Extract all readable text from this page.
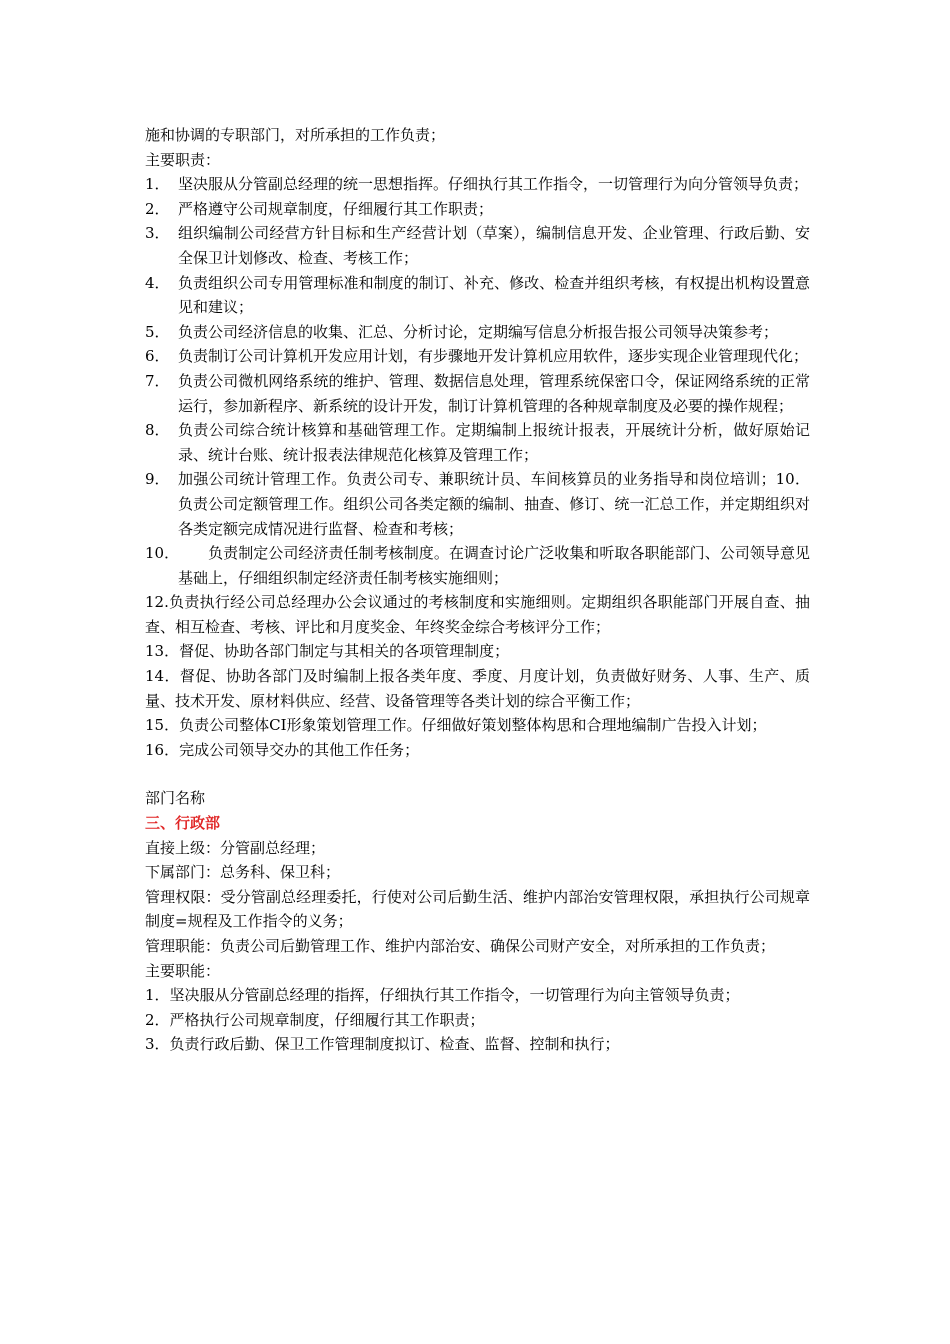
施和协调的专职部门，对所承担的工作负责；

主要职责：

1． 坚决服从分管副总经理的统一思想指挥。仔细执行其工作指令，一切管理行为向分管领导负责；
2． 严格遵守公司规章制度，仔细履行其工作职责；
3． 组织编制公司经营方针目标和生产经营计划（草案），编制信息开发、企业管理、行政后勤、安全保卫计划修改、检查、考核工作；
4． 负责组织公司专用管理标准和制度的制订、补充、修改、检查并组织考核，有权提出机构设置意见和建议；
5． 负责公司经济信息的收集、汇总、分析讨论，定期编写信息分析报告报公司领导决策参考；
6． 负责制订公司计算机开发应用计划，有步骤地开发计算机应用软件，逐步实现企业管理现代化；
7． 负责公司微机网络系统的维护、管理、数据信息处理，管理系统保密口令，保证网络系统的正常运行，参加新程序、新系统的设计开发，制订计算机管理的各种规章制度及必要的操作规程；
8． 负责公司综合统计核算和基础管理工作。定期编制上报统计报表，开展统计分析，做好原始记录、统计台账、统计报表法律规范化核算及管理工作；
9． 加强公司统计管理工作。负责公司专、兼职统计员、车间核算员的业务指导和岗位培训；10．负责公司定额管理工作。组织公司各类定额的编制、抽查、修订、统一汇总工作，并定期组织对各类定额完成情况进行监督、检查和考核；
10．
　　负责制定公司经济责任制考核制度。在调查讨论广泛收集和听取各职能部门、公司领导意见基础上，仔细组织制定经济责任制考核实施细则；

12.负责执行经公司总经理办公会议通过的考核制度和实施细则。定期组织各职能部门开展自查、抽查、相互检查、考核、评比和月度奖金、年终奖金综合考核评分工作；

13．督促、协助各部门制定与其相关的各项管理制度；

14．督促、协助各部门及时编制上报各类年度、季度、月度计划，负责做好财务、人事、生产、质量、技术开发、原材料供应、经营、设备管理等各类计划的综合平衡工作；

15．负责公司整体CI形象策划管理工作。仔细做好策划整体构思和合理地编制广告投入计划；

16．完成公司领导交办的其他工作任务；

部门名称

三、行政部

直接上级：分管副总经理；

下属部门：总务科、保卫科；

管理权限：受分管副总经理委托，行使对公司后勤生活、维护内部治安管理权限，承担执行公司规章制度=规程及工作指令的义务；

管理职能：负责公司后勤管理工作、维护内部治安、确保公司财产安全，对所承担的工作负责；

主要职能：

1．坚决服从分管副总经理的指挥，仔细执行其工作指令，一切管理行为向主管领导负责；

2．严格执行公司规章制度，仔细履行其工作职责；

3．负责行政后勤、保卫工作管理制度拟订、检查、监督、控制和执行；
